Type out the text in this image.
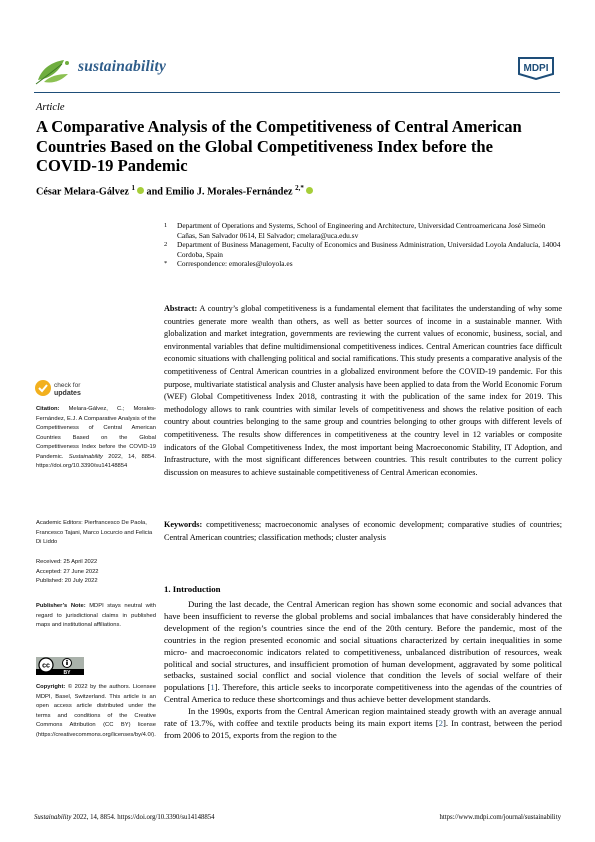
sustainability	MDPI
Article
A Comparative Analysis of the Competitiveness of Central American Countries Based on the Global Competitiveness Index before the COVID-19 Pandemic
César Melara-Gálvez $^1$ and Emilio J. Morales-Fernández $^{2,*}$
1 Department of Operations and Systems, School of Engineering and Architecture, Universidad Centroamericana José Simeón Cañas, San Salvador 0614, El Salvador; cmelara@uca.edu.sv
2 Department of Business Management, Faculty of Economics and Business Administration, Universidad Loyola Andalucía, 14004 Cordoba, Spain
* Correspondence: emorales@uloyola.es
Abstract: A country’s global competitiveness is a fundamental element that facilitates the understanding of why some countries generate more wealth than others, as well as better sources of income in a sustainable manner. With globalization and market integration, governments are reviewing the current values of economic, business, social, and environmental variables that define multidimensional competitiveness indices. Central American countries face difficult economic situations with challenging political and social ramifications. This study presents a comparative analysis of the competitiveness of Central American countries in a globalized environment before the COVID-19 pandemic. For this purpose, multivariate statistical analysis and Cluster analysis have been applied to data from the World Economic Forum (WEF) Global Competitiveness Index 2018, contrasting it with the publication of the same index for 2019. This methodology allows to rank countries with similar levels of competitiveness and shows the relative position of each country about countries belonging to the same group and countries belonging to other groups with different levels of competitiveness. The results show differences in competitiveness at the country level in 12 variables or composite indicators of the Global Competitiveness Index, the most important being Macroeconomic Stability, IT Adoption, and Infrastructure, with the most significant differences between countries. This result contributes to the current policy discussion on measures to achieve sustainable competitiveness of Central American economies.
Keywords: competitiveness; macroeconomic analyses of economic development; comparative studies of countries; Central American countries; classification methods; cluster analysis
check for
updates
Citation: Melara-Gálvez, C.; Morales-Fernández, E.J. A Comparative Analysis of the Competitiveness of Central American Countries Based on the Global Competitiveness Index before the COVID-19 Pandemic. Sustainability 2022, 14, 8854. https://doi.org/10.3390/su14148854
Academic Editors: Pierfrancesco De Paola, Francesco Tajani, Marco Locurcio and Felicia Di Liddo
Received: 25 April 2022
Accepted: 27 June 2022
Published: 20 July 2022
Publisher’s Note: MDPI stays neutral with regard to jurisdictional claims in published maps and institutional affiliations.
cc
BY
Copyright: © 2022 by the authors. Licensee MDPI, Basel, Switzerland. This article is an open access article distributed under the terms and conditions of the Creative Commons Attribution (CC BY) license (https://creativecommons.org/licenses/by/4.0/).
1. Introduction

During the last decade, the Central American region has shown some economic and social advances that have been insufficient to reverse the global problems and social imbalances that have considerably hindered the development of the region’s countries since the end of the 20th century. Before the pandemic, most of the countries in the region presented economic and social situations characterized by certain inequalities in some micro- and macroeconomic indicators related to competitiveness, unbalanced distribution of resources, weak political and social structures, and insufficient promotion of human development, aggravated by some political setbacks, sustained social conflict and social violence that condition the levels of social welfare of their populations [1]. Therefore, this article seeks to incorporate competitiveness into the agendas of the countries of Central America to reduce these shortcomings and thus achieve better development standards.

In the 1990s, exports from the Central American region maintained steady growth with an average annual rate of 13.7%, with coffee and textile products being its main export items [2]. In contrast, between the period from 2006 to 2015, exports from the region to the

Sustainability 2022, 14, 8854. https://doi.org/10.3390/su14148854	https://www.mdpi.com/journal/sustainability
